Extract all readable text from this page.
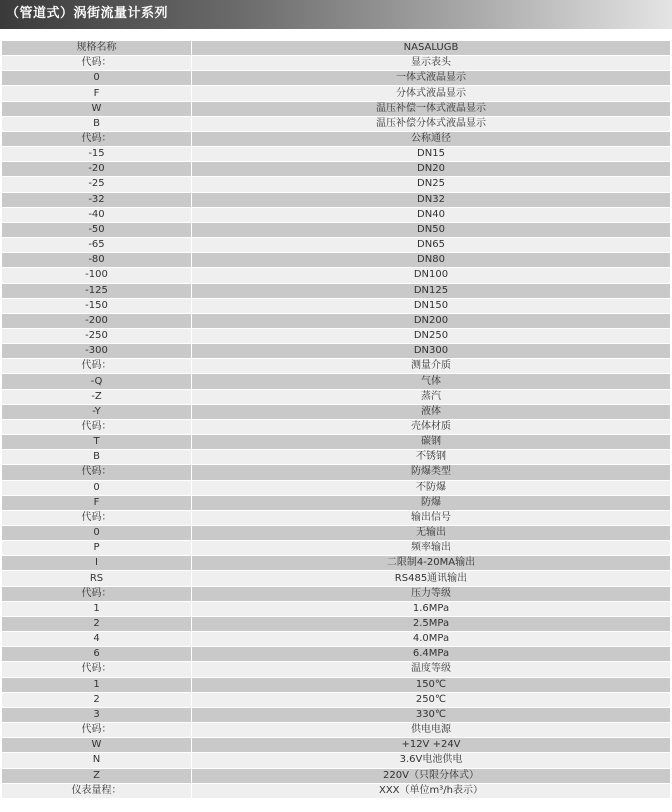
（管道式）涡街流量计系列
规格名称	NASALUGB
代码：	显示表头
0	一体式液晶显示
F	分体式液晶显示
W	温压补偿一体式液晶显示
B	温压补偿分体式液晶显示
代码：	公称通径
-15	DN15
-20	DN20
-25	DN25
-32	DN32
-40	DN40
-50	DN50
-65	DN65
-80	DN80
-100	DN100
-125	DN125
-150	DN150
-200	DN200
-250	DN250
-300	DN300
代码：	测量介质
-Q	气体
-Z	蒸汽
-Y	液体
代码：	壳体材质
T	碳钢
B	不锈钢
代码：	防爆类型
0	不防爆
F	防爆
代码：	输出信号
0	无输出
P	频率输出
I	二限制4-20MA输出
RS	RS485通讯输出
代码：	压力等级
1	1.6MPa
2	2.5MPa
4	4.0MPa
6	6.4MPa
代码：	温度等级
1	150℃
2	250℃
3	330℃
代码：	供电电源
W	+12V +24V
N	3.6V电池供电
Z	220V（只限分体式）
仪表量程：	XXX（单位m³/h表示）
